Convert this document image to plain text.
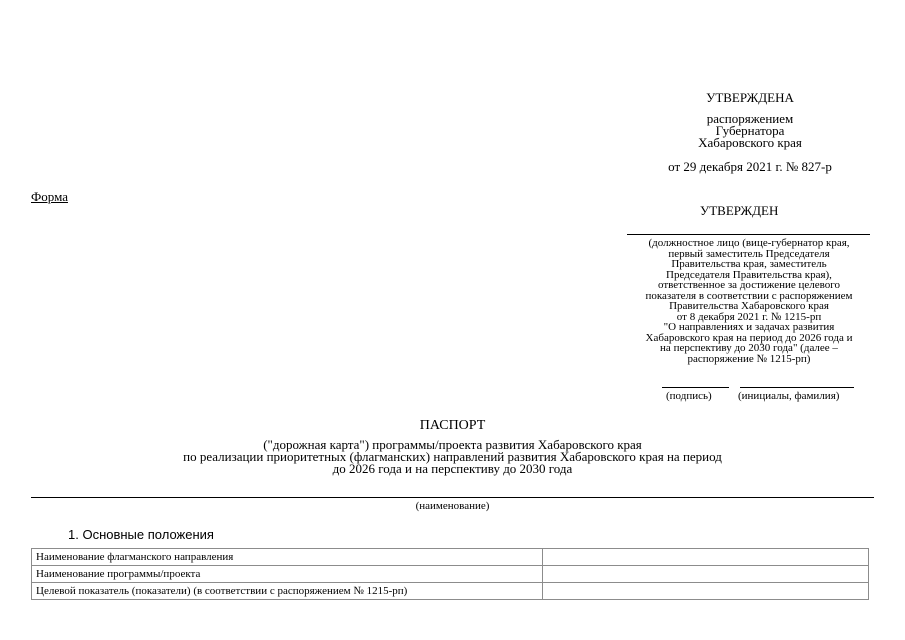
УТВЕРЖДЕНА
распоряжением
Губернатора
Хабаровского края
от 29 декабря 2021 г. № 827-р
Форма
УТВЕРЖДЕН
(должностное лицо (вице-губернатор края,
первый заместитель Председателя
Правительства края, заместитель
Председателя Правительства края),
ответственное за достижение целевого
показателя в соответствии с распоряжением
Правительства Хабаровского края
от 8 декабря 2021 г. № 1215-рп
"О направлениях и задачах развития
Хабаровского края на период до 2026 года и
на перспективу до 2030 года" (далее –
распоряжение № 1215-рп)
(подпись) (инициалы, фамилия)
ПАСПОРТ
("дорожная карта") программы/проекта развития Хабаровского края
по реализации приоритетных (флагманских) направлений развития Хабаровского края на период
до 2026 года и на перспективу до 2030 года
(наименование)
1. Основные положения
Наименование флагманского направления	
Наименование программы/проекта	
Целевой показатель (показатели) (в соответствии с распоряжением № 1215-рп)	
